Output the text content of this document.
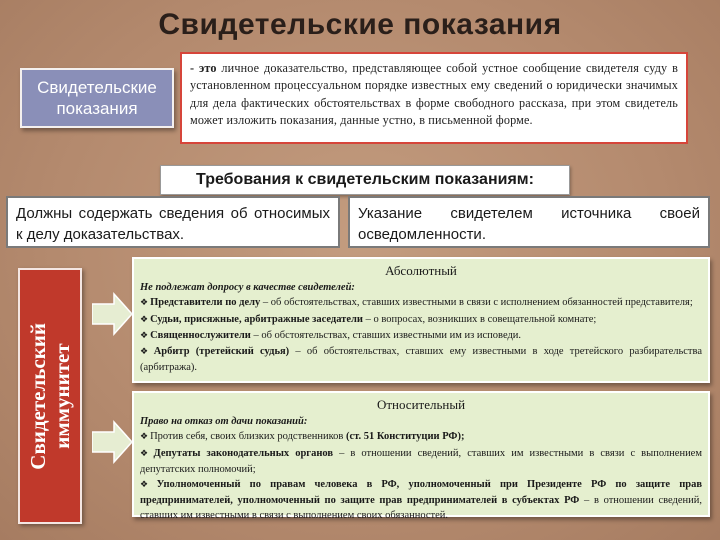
Свидетельские показания
Свидетельские показания
- это личное доказательство, представляющее собой устное сообщение свидетеля суду в установленном процессуальном порядке известных ему сведений о юридически значимых для дела фактических обстоятельствах в форме свободного рассказа, при этом свидетель может изложить показания, данные устно, в письменной форме.
Требования к свидетельским показаниям:
Должны содержать сведения об относимых к делу доказательствах.
Указание свидетелем источника своей осведомленности.
Свидетельский
иммунитет
Абсолютный
Не подлежат допросу в качестве свидетелей:
❖ Представители по делу – об обстоятельствах, ставших известными в связи с исполнением обязанностей представителя;
❖ Судьи, присяжные, арбитражные заседатели – о вопросах, возникших в совещательной комнате;
❖ Священнослужители – об обстоятельствах, ставших известными им из исповеди.
❖ Арбитр (третейский судья) – об обстоятельствах, ставших ему известными в ходе третейского разбирательства (арбитража).
Относительный
Право на отказ от дачи показаний:
❖ Против себя, своих близких родственников (ст. 51 Конституции РФ);
❖ Депутаты законодательных органов – в отношении сведений, ставших им известными в связи с выполнением депутатских полномочий;
❖ Уполномоченный по правам человека в РФ, уполномоченный при Президенте РФ по защите прав предпринимателей, уполномоченный по защите прав предпринимателей в субъектах РФ – в отношении сведений, ставших им известными в связи с выполнением своих обязанностей.
